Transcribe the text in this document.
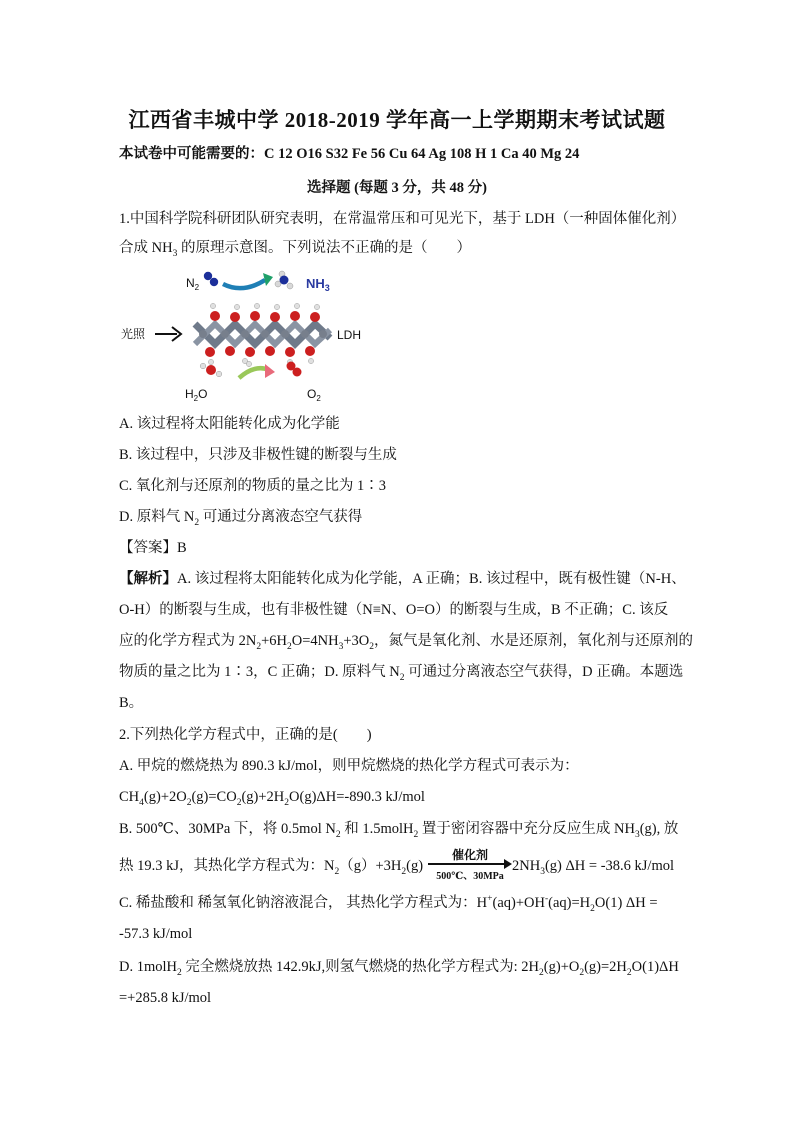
江西省丰城中学 2018-2019 学年高一上学期期末考试试题
本试卷中可能需要的：C 12 O16 S32 Fe 56 Cu 64 Ag 108 H 1 Ca 40 Mg 24
选择题 (每题 3 分，共 48 分)
1.中国科学院科研团队研究表明，在常温常压和可见光下，基于 LDH（一种固体催化剂）
合成 $NH_3$ 的原理示意图。下列说法不正确的是（　　）
$N_2$	$NH_3$
光照	LDH
$H_2O$	$O_2$
A. 该过程将太阳能转化成为化学能
B. 该过程中，只涉及非极性键的断裂与生成
C. 氧化剂与还原剂的物质的量之比为 1∶3
D. 原料气 $N_2$ 可通过分离液态空气获得
【答案】B
【解析】A. 该过程将太阳能转化成为化学能，A 正确；B. 该过程中，既有极性键（N-H、
O-H）的断裂与生成，也有非极性键（N≡N、O=O）的断裂与生成，B 不正确；C. 该反
应的化学方程式为 $2N_2+6H_2O=4NH_3+3O_2$，氮气是氧化剂、水是还原剂，氧化剂与还原剂的
物质的量之比为 1∶3，C 正确；D. 原料气 $N_2$ 可通过分离液态空气获得，D 正确。本题选
B。
2.下列热化学方程式中，正确的是(　　)
A. 甲烷的燃烧热为 890.3 kJ/mol，则甲烷燃烧的热化学方程式可表示为：
$CH_4(g)+2O_2(g)=CO_2(g)+2H_2O(g)\Delta H=-890.3$ kJ/mol
B. 500℃、30MPa 下，将 0.5mol $N_2$ 和 1.5molH$_2$ 置于密闭容器中充分反应生成 $NH_3(g)$, 放
热 19.3 kJ，其热化学方程式为：$N_2(g)+3H_2(g)$
催化剂
500℃、30MPa
$2NH_3(g) \Delta H = -38.6$ kJ/mol
C. 稀盐酸和 稀氢氧化钠溶液混合， 其热化学方程式为：$H^+(aq)+OH^-(aq)=H_2O(1) \Delta H$ =
-57.3 kJ/mol
D. 1molH$_2$ 完全燃烧放热 142.9kJ,则氢气燃烧的热化学方程式为: $2H_2(g)+O_2(g)=2H_2O(1)\Delta H$
=+285.8 kJ/mol
